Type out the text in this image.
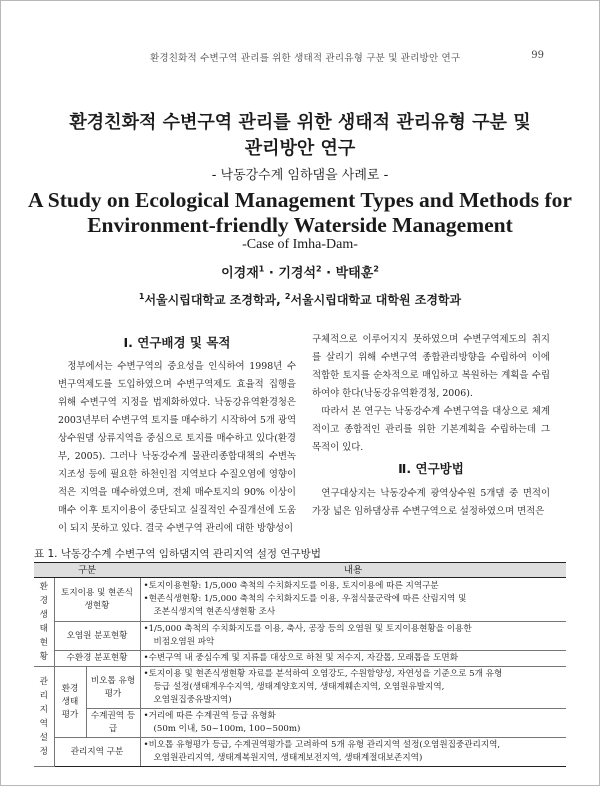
환경친화적 수변구역 관리를 위한 생태적 관리유형 구분 및 관리방안 연구	99
환경친화적 수변구역 관리를 위한 생태적 관리유형 구분 및
관리방안 연구
- 낙동강수계 임하댐을 사례로 -
A Study on Ecological Management Types and Methods for
Environment-friendly Waterside Management
-Case of Imha-Dam-
이경재$^1$ · 기경석$^2$ · 박태훈$^2$
$^1$서울시립대학교 조경학과, $^2$서울시립대학교 대학원 조경학과
Ⅰ. 연구배경 및 목적

정부에서는 수변구역의 중요성을 인식하여 1998년 수변구역제도를 도입하였으며 수변구역제도 효율적 집행을 위해 수변구역 지정을 법제화하였다. 낙동강유역환경청은 2003년부터 수변구역 토지를 매수하기 시작하여 5개 광역상수원댐 상류지역을 중심으로 토지를 매수하고 있다(환경부, 2005). 그러나 낙동강수계 물관리종합대책의 수변녹지조성 등에 필요한 하천인접 지역보다 수질오염에 영향이 적은 지역을 매수하였으며, 전체 매수토지의 90% 이상이 매수 이후 토지이용이 중단되고 실질적인 수질개선에 도움이 되지 못하고 있다. 결국 수변구역 관리에 대한 방향성이

구체적으로 이루어지지 못하였으며 수변구역제도의 취지를 살리기 위해 수변구역 종합관리방향을 수립하여 이에 적합한 토지를 순차적으로 매입하고 복원하는 계획을 수립하여야 한다(낙동강유역환경청, 2006).

따라서 본 연구는 낙동강수계 수변구역을 대상으로 체계적이고 종합적인 관리를 위한 기본계획을 수립하는데 그 목적이 있다.

Ⅱ. 연구방법

연구대상지는 낙동강수계 광역상수원 5개댐 중 면적이 가장 넓은 임하댐상류 수변구역으로 설정하였으며 면적은

표 1. 낙동강수계 수변구역 임하댐지역 관리지역 설정 연구방법
구분			내용

환경생태현황	토지이용 및 현존식생현황		•토지이용현황: 1/5,000 축척의 수치화지도를 이용, 토지이용에 따른 지역구분
•현존식생현황: 1/5,000 축척의 수치화지도를 이용, 우점식물군락에 따른 산림지역 및
조본식생지역 현존식생현황 조사

	오염원 분포현황		•1/5,000 축척의 수치화지도를 이용, 축사, 공장 등의 오염원 및 토지이용현황을 이용한
비점오염원 파악

	수환경 분포현황		•수변구역 내 중심수계 및 지류를 대상으로 하천 및 저수지, 자갈톱, 모래톱을 도면화

관리지역설정	환경생태평가	비오톱 유형평가	•토지이용 및 현존식생현황 자료를 분석하여 오염강도, 수원함양성, 자연성을 기준으로 5개 유형
등급 설정(생태계우수지역, 생태계양호지역, 생태계훼손지역, 오염원유발지역,
오염원집중유발지역)

		수계권역 등급	•거리에 따른 수계권역 등급 유형화
(50m 이내, 50~100m, 100~500m)

	관리지역 구분		•비오톱 유형평가 등급, 수계권역평가를 고려하여 5개 유형 관리지역 설정(오염원집중관리지역,
오염원관리지역, 생태계복원지역, 생태계보전지역, 생태계절대보존지역)
